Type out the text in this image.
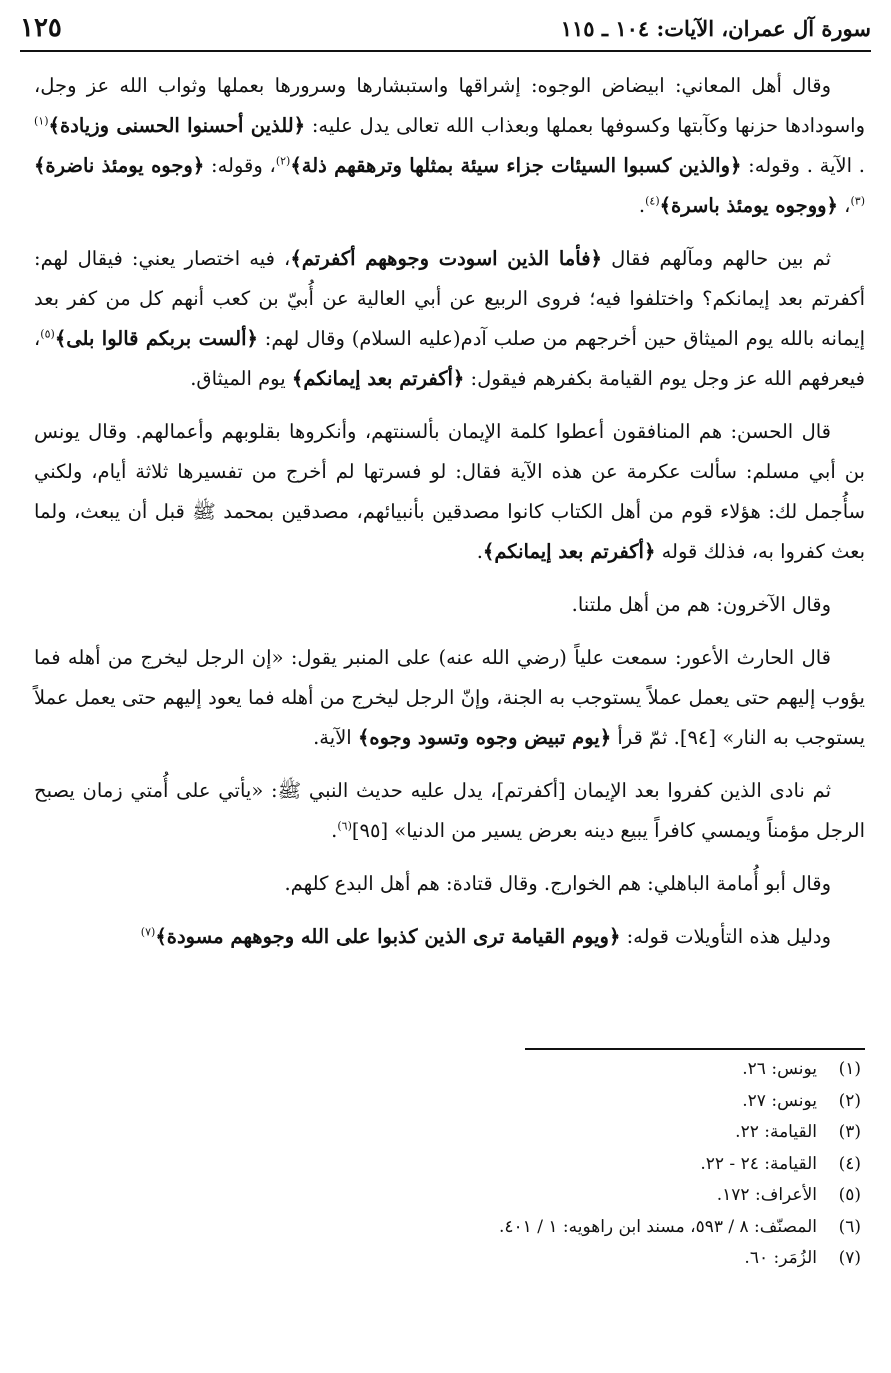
سورة آل عمران، الآيات: ١٠٤ ـ ١١٥
١٢٥

وقال أهل المعاني: ابيضاض الوجوه: إشراقها واستبشارها وسرورها بعملها وثواب الله عز وجل، واسودادها حزنها وكآبتها وكسوفها بعملها وبعذاب الله تعالى يدل عليه: ﴿للذين أحسنوا الحسنى وزيادة﴾$^{(١)}$ . الآية . وقوله: ﴿والذين كسبوا السيئات جزاء سيئة بمثلها وترهقهم ذلة﴾$^{(٢)}$، وقوله: ﴿وجوه يومئذ ناضرة﴾$^{(٣)}$، ﴿ووجوه يومئذ باسرة﴾$^{(٤)}$.

ثم بين حالهم ومآلهم فقال ﴿فأما الذين اسودت وجوههم أكفرتم﴾، فيه اختصار يعني: فيقال لهم: أكفرتم بعد إيمانكم؟ واختلفوا فيه؛ فروى الربيع عن أبي العالية عن أُبيّ بن كعب أنهم كل من كفر بعد إيمانه بالله يوم الميثاق حين أخرجهم من صلب آدم(عليه السلام) وقال لهم: ﴿ألست بربكم قالوا بلى﴾$^{(٥)}$، فيعرفهم الله عز وجل يوم القيامة بكفرهم فيقول: ﴿أكفرتم بعد إيمانكم﴾ يوم الميثاق.

قال الحسن: هم المنافقون أعطوا كلمة الإيمان بألسنتهم، وأنكروها بقلوبهم وأعمالهم. وقال يونس بن أبي مسلم: سألت عكرمة عن هذه الآية فقال: لو فسرتها لم أخرج من تفسيرها ثلاثة أيام، ولكني سأُجمل لك: هؤلاء قوم من أهل الكتاب كانوا مصدقين بأنبيائهم، مصدقين بمحمد ﷺ قبل أن يبعث، ولما بعث كفروا به، فذلك قوله ﴿أكفرتم بعد إيمانكم﴾.

وقال الآخرون: هم من أهل ملتنا.

قال الحارث الأعور: سمعت علياً (رضي الله عنه) على المنبر يقول: «إن الرجل ليخرج من أهله فما يؤوب إليهم حتى يعمل عملاً يستوجب به الجنة، وإنّ الرجل ليخرج من أهله فما يعود إليهم حتى يعمل عملاً يستوجب به النار» [٩٤]. ثمّ قرأ ﴿يوم تبيض وجوه وتسود وجوه﴾ الآية.

ثم نادى الذين كفروا بعد الإيمان [أكفرتم]، يدل عليه حديث النبي ﷺ: «يأتي على أُمتي زمان يصبح الرجل مؤمناً ويمسي كافراً يبيع دينه بعرض يسير من الدنيا» [٩٥]$^{(٦)}$.

وقال أبو أُمامة الباهلي: هم الخوارج. وقال قتادة: هم أهل البدع كلهم.

ودليل هذه التأويلات قوله: ﴿ويوم القيامة ترى الذين كذبوا على الله وجوههم مسودة﴾$^{(٧)}$

(١)
يونس: ٢٦.
(٢)
يونس: ٢٧.
(٣)
القيامة: ٢٢.
(٤)
القيامة: ٢٤ - ٢٢.
(٥)
الأعراف: ١٧٢.
(٦)
المصنّف: ٨ / ٥٩٣، مسند ابن راهويه: ١ / ٤٠١.
(٧)
الزُمَر: ٦٠.
